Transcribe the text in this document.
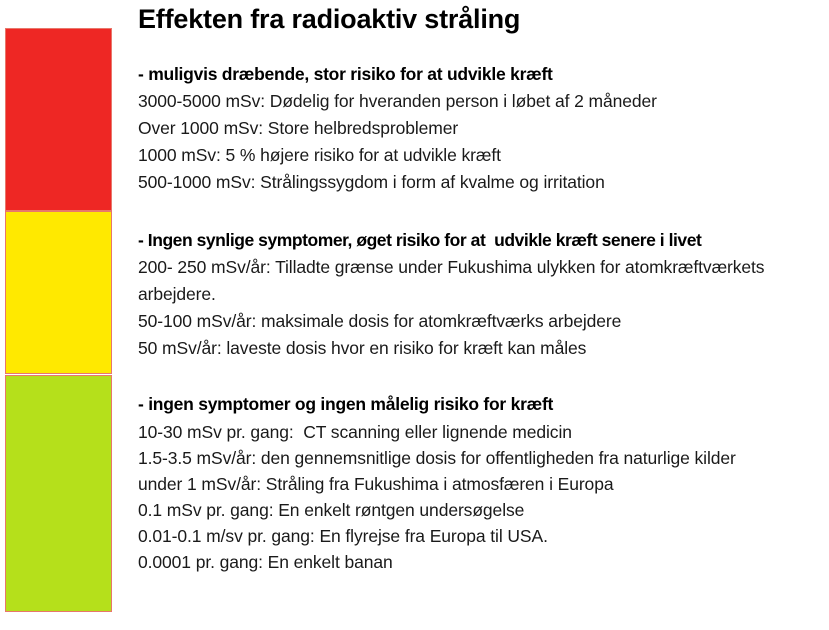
Effekten fra radioaktiv stråling

- muligvis dræbende, stor risiko for at udvikle kræft

3000-5000 mSv: Dødelig for hveranden person i løbet af 2 måneder

Over 1000 mSv: Store helbredsproblemer

1000 mSv: 5 % højere risiko for at udvikle kræft

500-1000 mSv: Strålingssygdom i form af kvalme og irritation

- Ingen synlige symptomer, øget risiko for at  udvikle kræft senere i livet

200- 250 mSv/år: Tilladte grænse under Fukushima ulykken for atomkræftværkets arbejdere.

50-100 mSv/år: maksimale dosis for atomkræftværks arbejdere

50 mSv/år: laveste dosis hvor en risiko for kræft kan måles

- ingen symptomer og ingen målelig risiko for kræft

10-30 mSv pr. gang:  CT scanning eller lignende medicin

1.5-3.5 mSv/år: den gennemsnitlige dosis for offentligheden fra naturlige kilder

under 1 mSv/år: Stråling fra Fukushima i atmosfæren i Europa

0.1 mSv pr. gang: En enkelt røntgen undersøgelse

0.01-0.1 m/sv pr. gang: En flyrejse fra Europa til USA.

0.0001 pr. gang: En enkelt banan
